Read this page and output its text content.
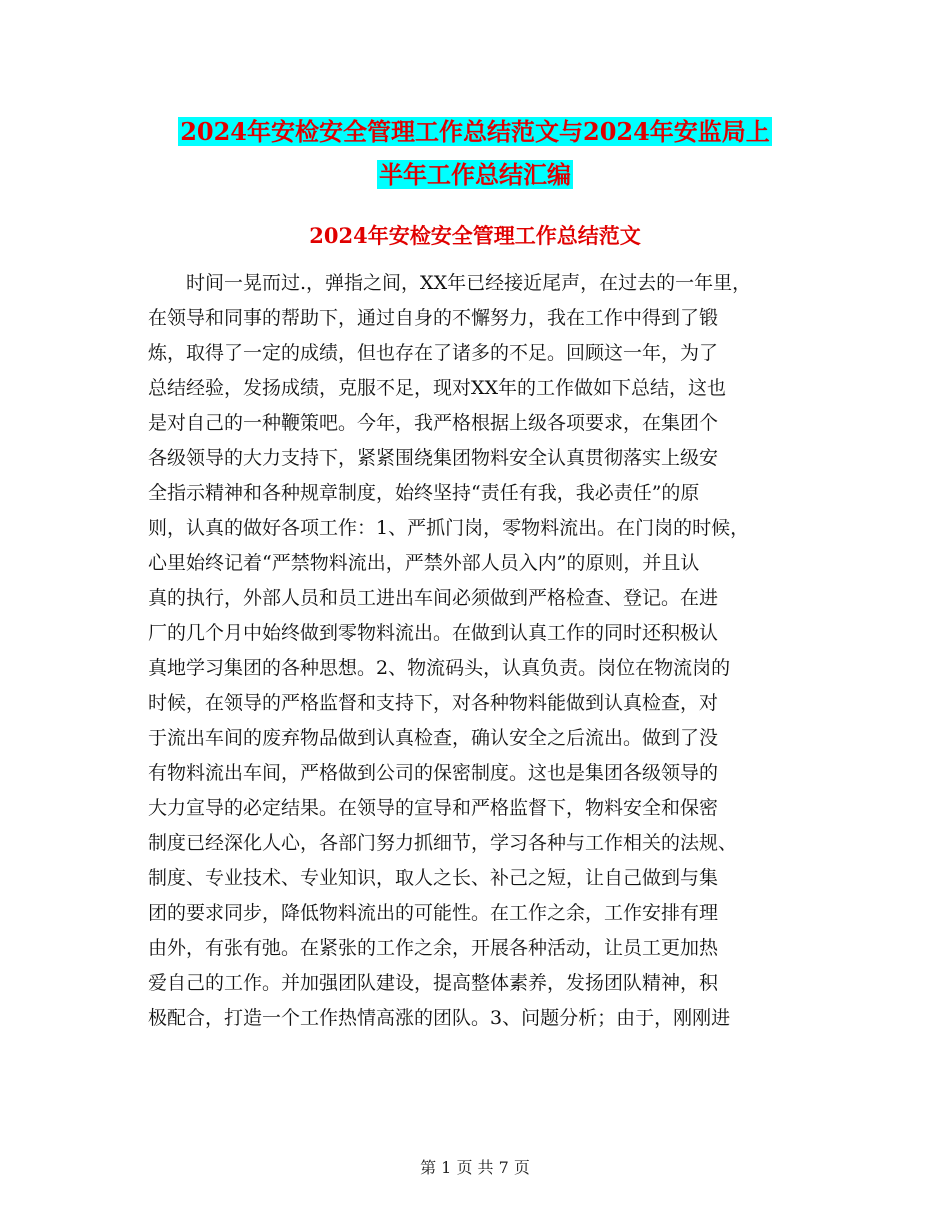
2024年安检安全管理工作总结范文与2024年安监局上
半年工作总结汇编
2024年安检安全管理工作总结范文
时间一晃而过.，弹指之间，XX年已经接近尾声，在过去的一年里，
在领导和同事的帮助下，通过自身的不懈努力，我在工作中得到了锻
炼，取得了一定的成绩，但也存在了诸多的不足。回顾这一年，为了
总结经验，发扬成绩，克服不足，现对XX年的工作做如下总结，这也
是对自己的一种鞭策吧。今年，我严格根据上级各项要求，在集团个
各级领导的大力支持下，紧紧围绕集团物料安全认真贯彻落实上级安
全指示精神和各种规章制度，始终坚持“责任有我，我必责任”的原
则，认真的做好各项工作：1、严抓门岗，零物料流出。在门岗的时候，
心里始终记着“严禁物料流出，严禁外部人员入内”的原则，并且认
真的执行，外部人员和员工进出车间必须做到严格检查、登记。在进
厂的几个月中始终做到零物料流出。在做到认真工作的同时还积极认
真地学习集团的各种思想。2、物流码头，认真负责。岗位在物流岗的
时候，在领导的严格监督和支持下，对各种物料能做到认真检查，对
于流出车间的废弃物品做到认真检查，确认安全之后流出。做到了没
有物料流出车间，严格做到公司的保密制度。这也是集团各级领导的
大力宣导的必定结果。在领导的宣导和严格监督下，物料安全和保密
制度已经深化人心，各部门努力抓细节，学习各种与工作相关的法规、
制度、专业技术、专业知识，取人之长、补己之短，让自己做到与集
团的要求同步，降低物料流出的可能性。在工作之余，工作安排有理
由外，有张有弛。在紧张的工作之余，开展各种活动，让员工更加热
爱自己的工作。并加强团队建设，提高整体素养，发扬团队精神，积
极配合，打造一个工作热情高涨的团队。3、问题分析；由于，刚刚进
第 1 页 共 7 页
